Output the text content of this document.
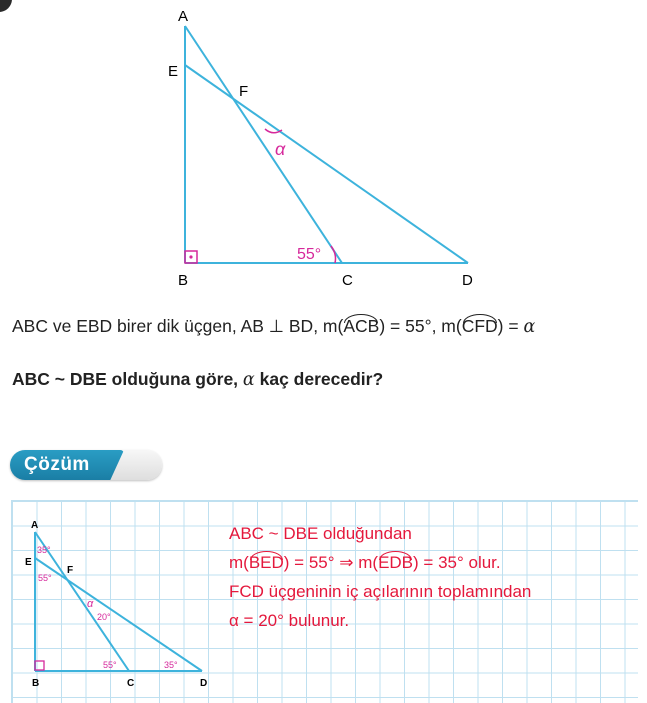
A
E
F
B	C	D
α
55°
ABC ve EBD birer dik üçgen, AB ⊥ BD, m(ACB) = 55°, m(CFD) = α
ABC ~ DBE olduğuna göre, α kaç derecedir?
Çözüm
A
E
F
B	C	D
35°
55°
α
20°
55°	35°
ABC ~ DBE olduğundan
m(BED) = 55° ⇒ m(EDB) = 35° olur.
FCD üçgeninin iç açılarının toplamından
α = 20° bulunur.
